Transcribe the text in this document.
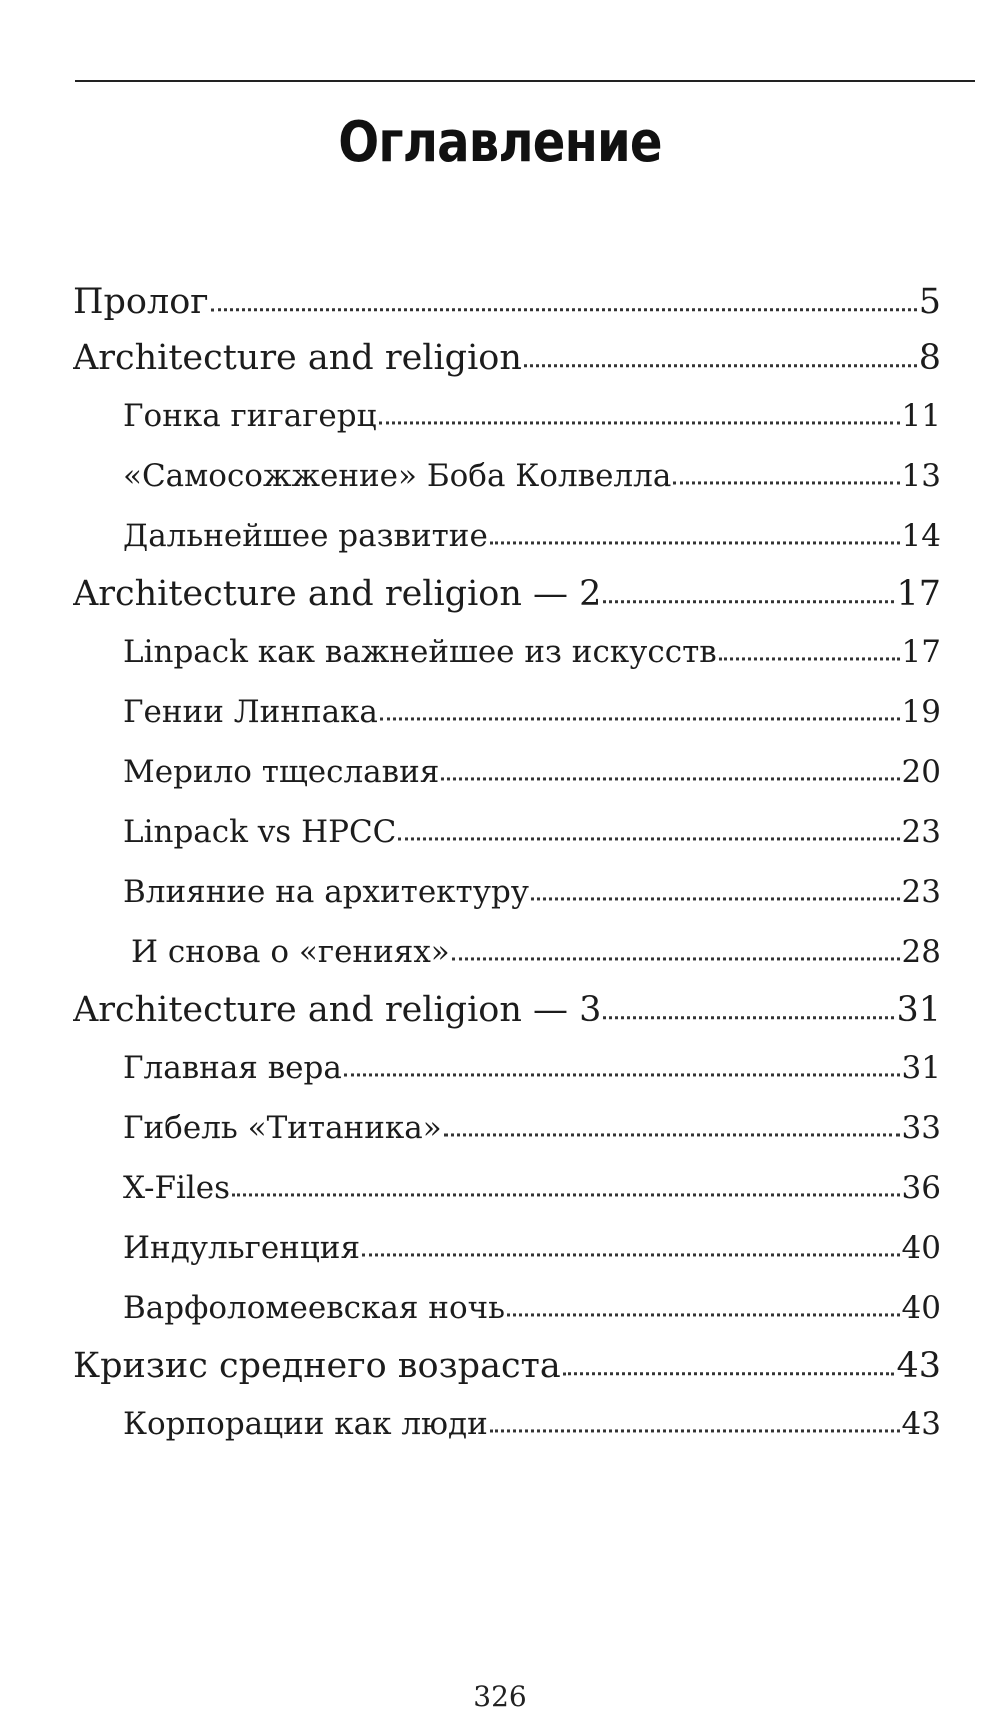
Оглавление
Пролог	5
Architecture and religion	8
Гонка гигагерц	11
«Самосожжение» Боба Колвелла	13
Дальнейшее развитие	14
Architecture and religion — 2	17
Linpack как важнейшее из искусств	17
Гении Линпака	19
Мерило тщеславия	20
Linpack vs HPCC	23
Влияние на архитектуру	23
И снова о «гениях»	28
Architecture and religion — 3	31
Главная вера	31
Гибель «Титаника»	33
X-Files	36
Индульгенция	40
Варфоломеевская ночь	40
Кризис среднего возраста	43
Корпорации как люди	43
326
